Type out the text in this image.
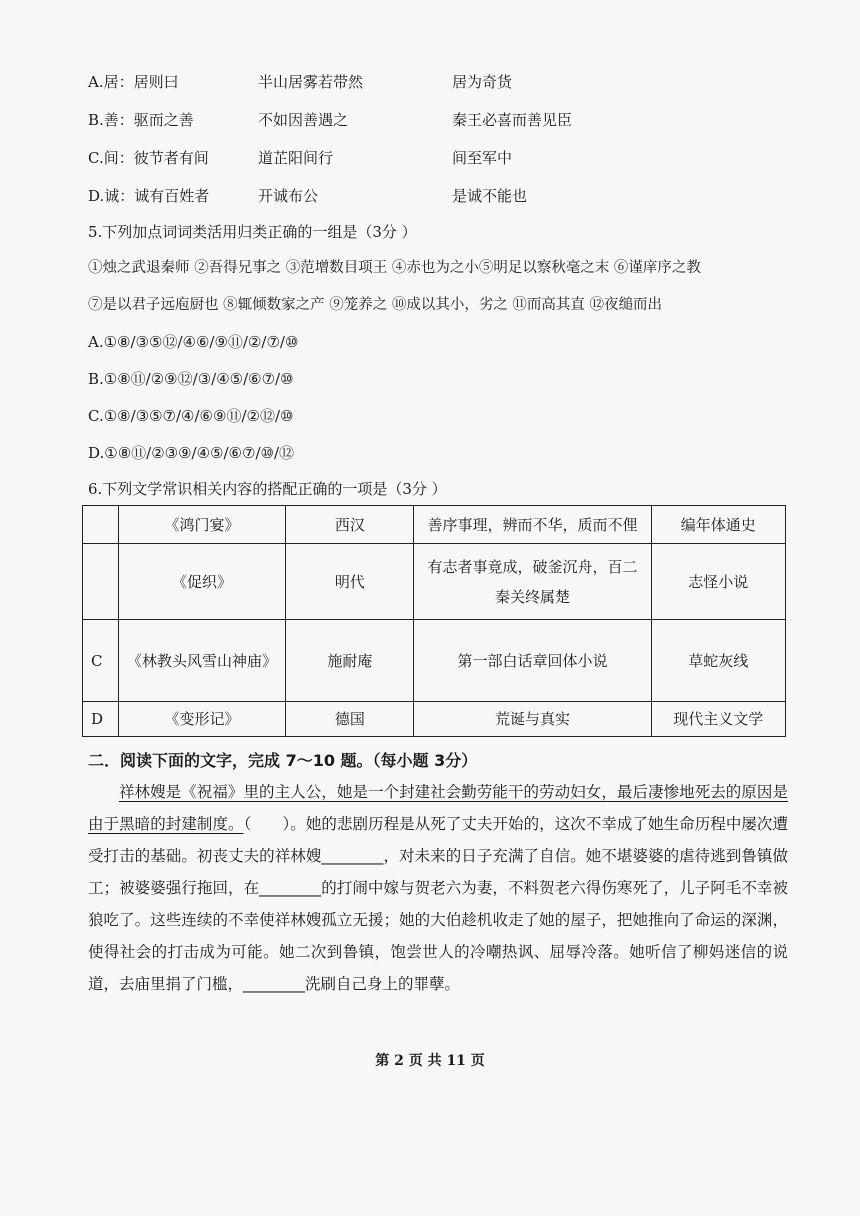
A.居：居则曰	半山居雾若带然	居为奇货
B.善：驱而之善	不如因善遇之	秦王必喜而善见臣
C.间：彼节者有间	道芷阳间行	间至军中
D.诚：诚有百姓者	开诚布公	是诚不能也
5.下列加点词词类活用归类正确的一组是（3分 ）
①烛之武退秦师 ②吾得兄事之 ③范增数目项王 ④赤也为之小⑤明足以察秋毫之末 ⑥谨庠序之教
⑦是以君子远庖厨也 ⑧辄倾数家之产 ⑨笼养之 ⑩成以其小，劣之 ⑪而高其直 ⑫夜缒而出
A.①⑧/③⑤⑫/④⑥/⑨⑪/②/⑦/⑩
B.①⑧⑪/②⑨⑫/③/④⑤/⑥⑦/⑩
C.①⑧/③⑤⑦/④/⑥⑨⑪/②⑫/⑩
D.①⑧⑪/②③⑨/④⑤/⑥⑦/⑩/⑫
6.下列文学常识相关内容的搭配正确的一项是（3分 ）
	《鸿门宴》	西汉	善序事理，辨而不华，质而不俚	编年体通史
	《促织》	明代	有志者事竟成，破釜沉舟，百二秦关终属楚	志怪小说
C	《林教头风雪山神庙》	施耐庵	第一部白话章回体小说	草蛇灰线
D	《变形记》	德国	荒诞与真实	现代主义文学
二．阅读下面的文字，完成 7～10 题。（每小题 3分）

祥林嫂是《祝福》里的主人公，她是一个封建社会勤劳能干的劳动妇女，最后凄惨地死去的原因是由于黑暗的封建制度。（　　）。她的悲剧历程是从死了丈夫开始的，这次不幸成了她生命历程中屡次遭受打击的基础。初丧丈夫的祥林嫂________，对未来的日子充满了自信。她不堪婆婆的虐待逃到鲁镇做工；被婆婆强行拖回，在________的打闹中嫁与贺老六为妻，不料贺老六得伤寒死了，儿子阿毛不幸被狼吃了。这些连续的不幸使祥林嫂孤立无援；她的大伯趁机收走了她的屋子，把她推向了命运的深渊，使得社会的打击成为可能。她二次到鲁镇，饱尝世人的冷嘲热讽、屈辱冷落。她听信了柳妈迷信的说道，去庙里捐了门槛，________洗刷自己身上的罪孽。

第 2 页 共 11 页
